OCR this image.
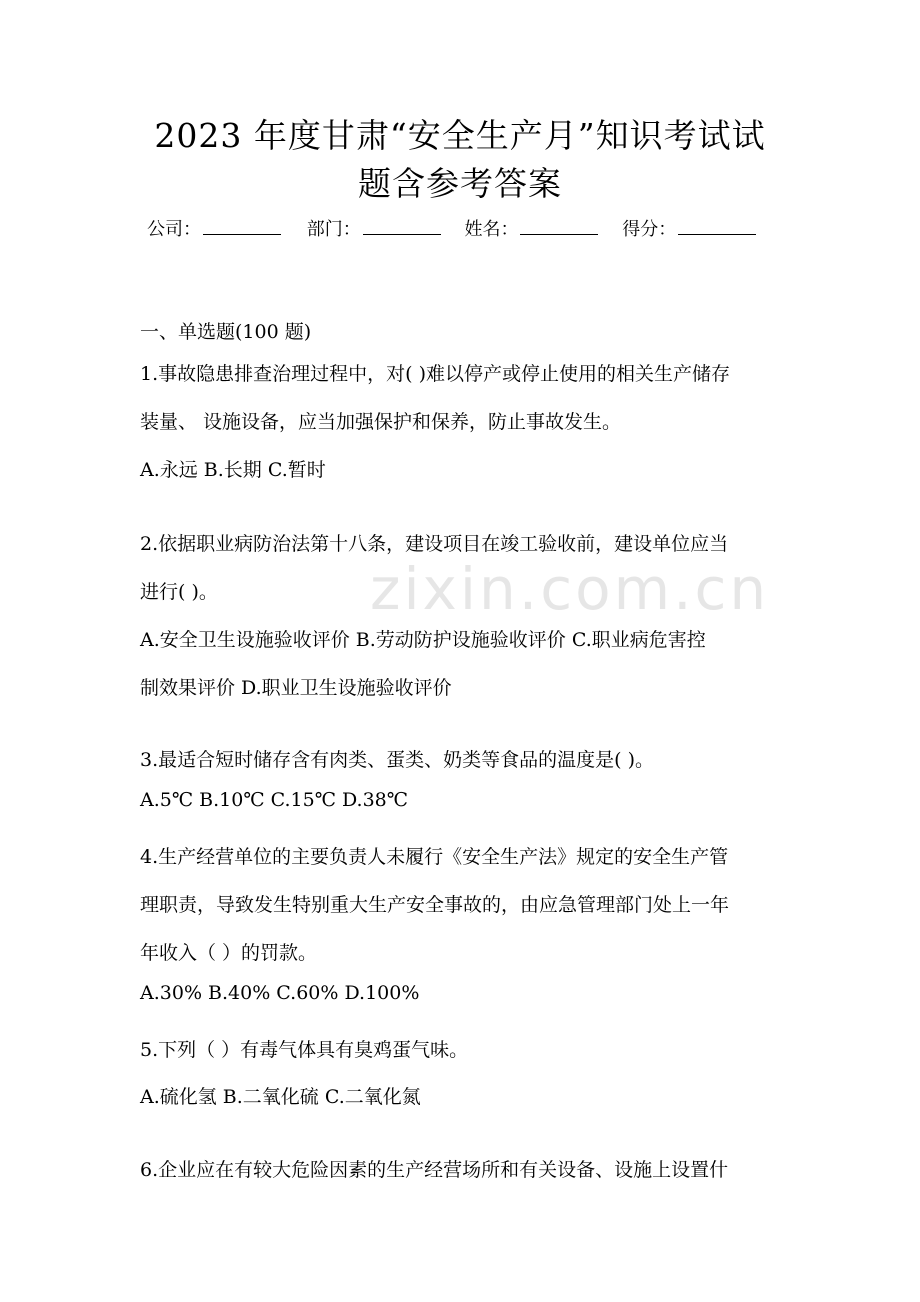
2023 年度甘肃“安全生产月”知识考试试
题含参考答案
公司：	部门：	姓名：	得分：
一、单选题(100 题)
1.事故隐患排查治理过程中，对( )难以停产或停止使用的相关生产储存
装量、 设施设备，应当加强保护和保养，防止事故发生。
A.永远 B.长期 C.暂时
2.依据职业病防治法第十八条，建设项目在竣工验收前，建设单位应当
进行( )。
A.安全卫生设施验收评价 B.劳动防护设施验收评价 C.职业病危害控
制效果评价 D.职业卫生设施验收评价
3.最适合短时储存含有肉类、蛋类、奶类等食品的温度是( )。
A.5℃ B.10℃ C.15℃ D.38℃
4.生产经营单位的主要负责人未履行《安全生产法》规定的安全生产管
理职责，导致发生特别重大生产安全事故的，由应急管理部门处上一年
年收入（ ）的罚款。
A.30% B.40% C.60% D.100%
5.下列（ ）有毒气体具有臭鸡蛋气味。
A.硫化氢 B.二氧化硫 C.二氧化氮
6.企业应在有较大危险因素的生产经营场所和有关设备、设施上设置什
zixin.com.cn
